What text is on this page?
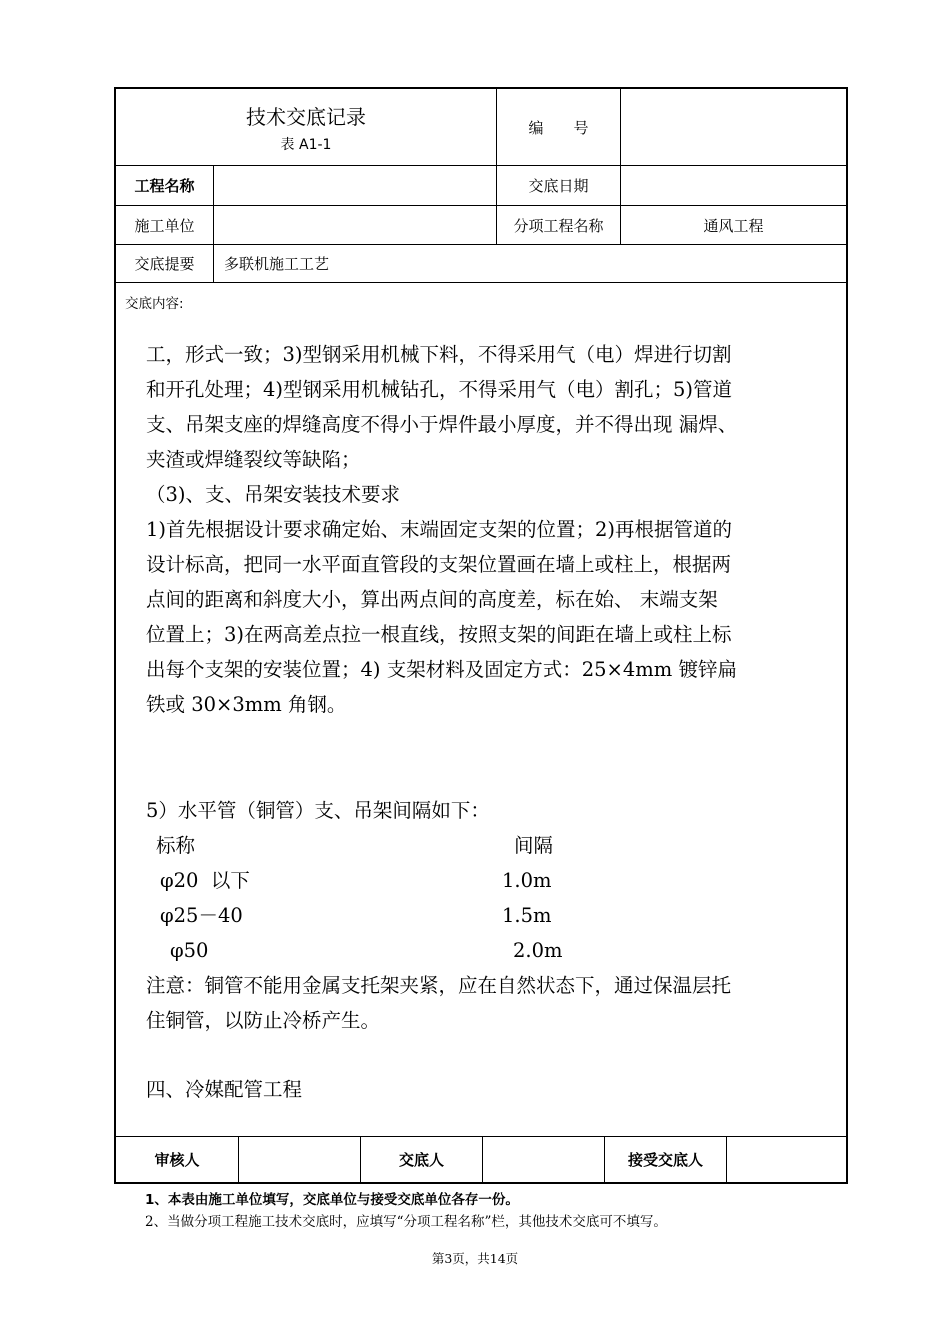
技术交底记录
表 A1-1
编　　号
工程名称	交底日期
施工单位	分项工程名称	通风工程
交底提要	多联机施工工艺
交底内容:

工，形式一致；3)型钢采用机械下料，不得采用气（电）焊进行切割

和开孔处理；4)型钢采用机械钻孔，不得采用气（电）割孔；5)管道

支、吊架支座的焊缝高度不得小于焊件最小厚度，并不得出现 漏焊、

夹渣或焊缝裂纹等缺陷；

（3)、支、吊架安装技术要求

1)首先根据设计要求确定始、末端固定支架的位置；2)再根据管道的

设计标高，把同一水平面直管段的支架位置画在墙上或柱上，根据两

点间的距离和斜度大小，算出两点间的高度差，标在始、 末端支架

位置上；3)在两高差点拉一根直线，按照支架的间距在墙上或柱上标

出每个支架的安装位置；4) 支架材料及固定方式：25×4mm 镀锌扁

铁或 30×3mm 角钢。

5）水平管（铜管）支、吊架间隔如下：

标称	间隔
φ20  以下	1.0m
φ25－40	1.5m
φ50	2.0m

注意：铜管不能用金属支托架夹紧，应在自然状态下，通过保温层托

住铜管，以防止冷桥产生。

四、冷媒配管工程

审核人	交底人	接受交底人
1、本表由施工单位填写，交底单位与接受交底单位各存一份。
2、当做分项工程施工技术交底时，应填写“分项工程名称”栏，其他技术交底可不填写。
第3页，共14页
